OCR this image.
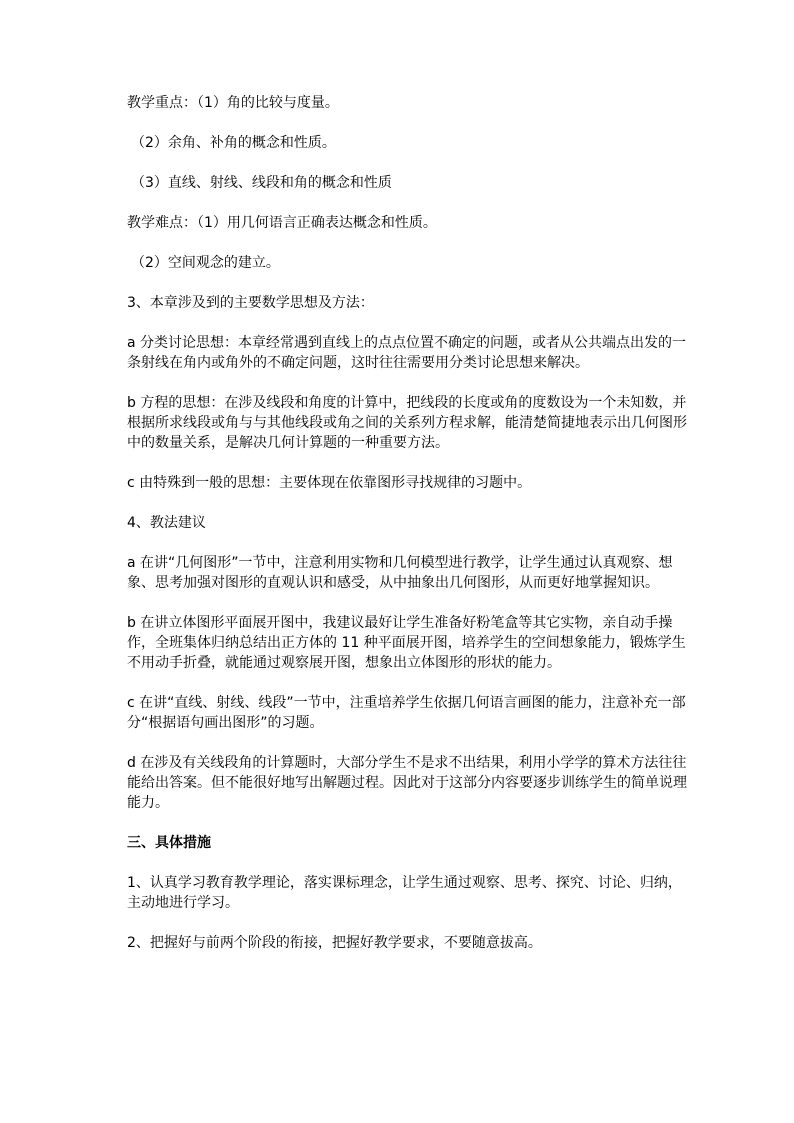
教学重点：（1）角的比较与度量。

（2）余角、补角的概念和性质。

（3）直线、射线、线段和角的概念和性质

教学难点：（1）用几何语言正确表达概念和性质。

（2）空间观念的建立。

3、本章涉及到的主要数学思想及方法：

a 分类讨论思想：本章经常遇到直线上的点点位置不确定的问题，或者从公共端点出发的一条射线在角内或角外的不确定问题，这时往往需要用分类讨论思想来解决。

b 方程的思想：在涉及线段和角度的计算中，把线段的长度或角的度数设为一个未知数，并根据所求线段或角与与其他线段或角之间的关系列方程求解，能清楚简捷地表示出几何图形中的数量关系，是解决几何计算题的一种重要方法。

c 由特殊到一般的思想：主要体现在依靠图形寻找规律的习题中。

4、教法建议

a 在讲“几何图形”一节中，注意利用实物和几何模型进行教学，让学生通过认真观察、想象、思考加强对图形的直观认识和感受，从中抽象出几何图形，从而更好地掌握知识。

b 在讲立体图形平面展开图中，我建议最好让学生准备好粉笔盒等其它实物，亲自动手操作，全班集体归纳总结出正方体的 11 种平面展开图，培养学生的空间想象能力，锻炼学生不用动手折叠，就能通过观察展开图，想象出立体图形的形状的能力。

c 在讲“直线、射线、线段”一节中，注重培养学生依据几何语言画图的能力，注意补充一部分“根据语句画出图形”的习题。

d 在涉及有关线段角的计算题时，大部分学生不是求不出结果，利用小学学的算术方法往往能给出答案。但不能很好地写出解题过程。因此对于这部分内容要逐步训练学生的简单说理能力。

三、具体措施

1、认真学习教育教学理论，落实课标理念，让学生通过观察、思考、探究、讨论、归纳，主动地进行学习。

2、把握好与前两个阶段的衔接，把握好教学要求，不要随意拔高。
